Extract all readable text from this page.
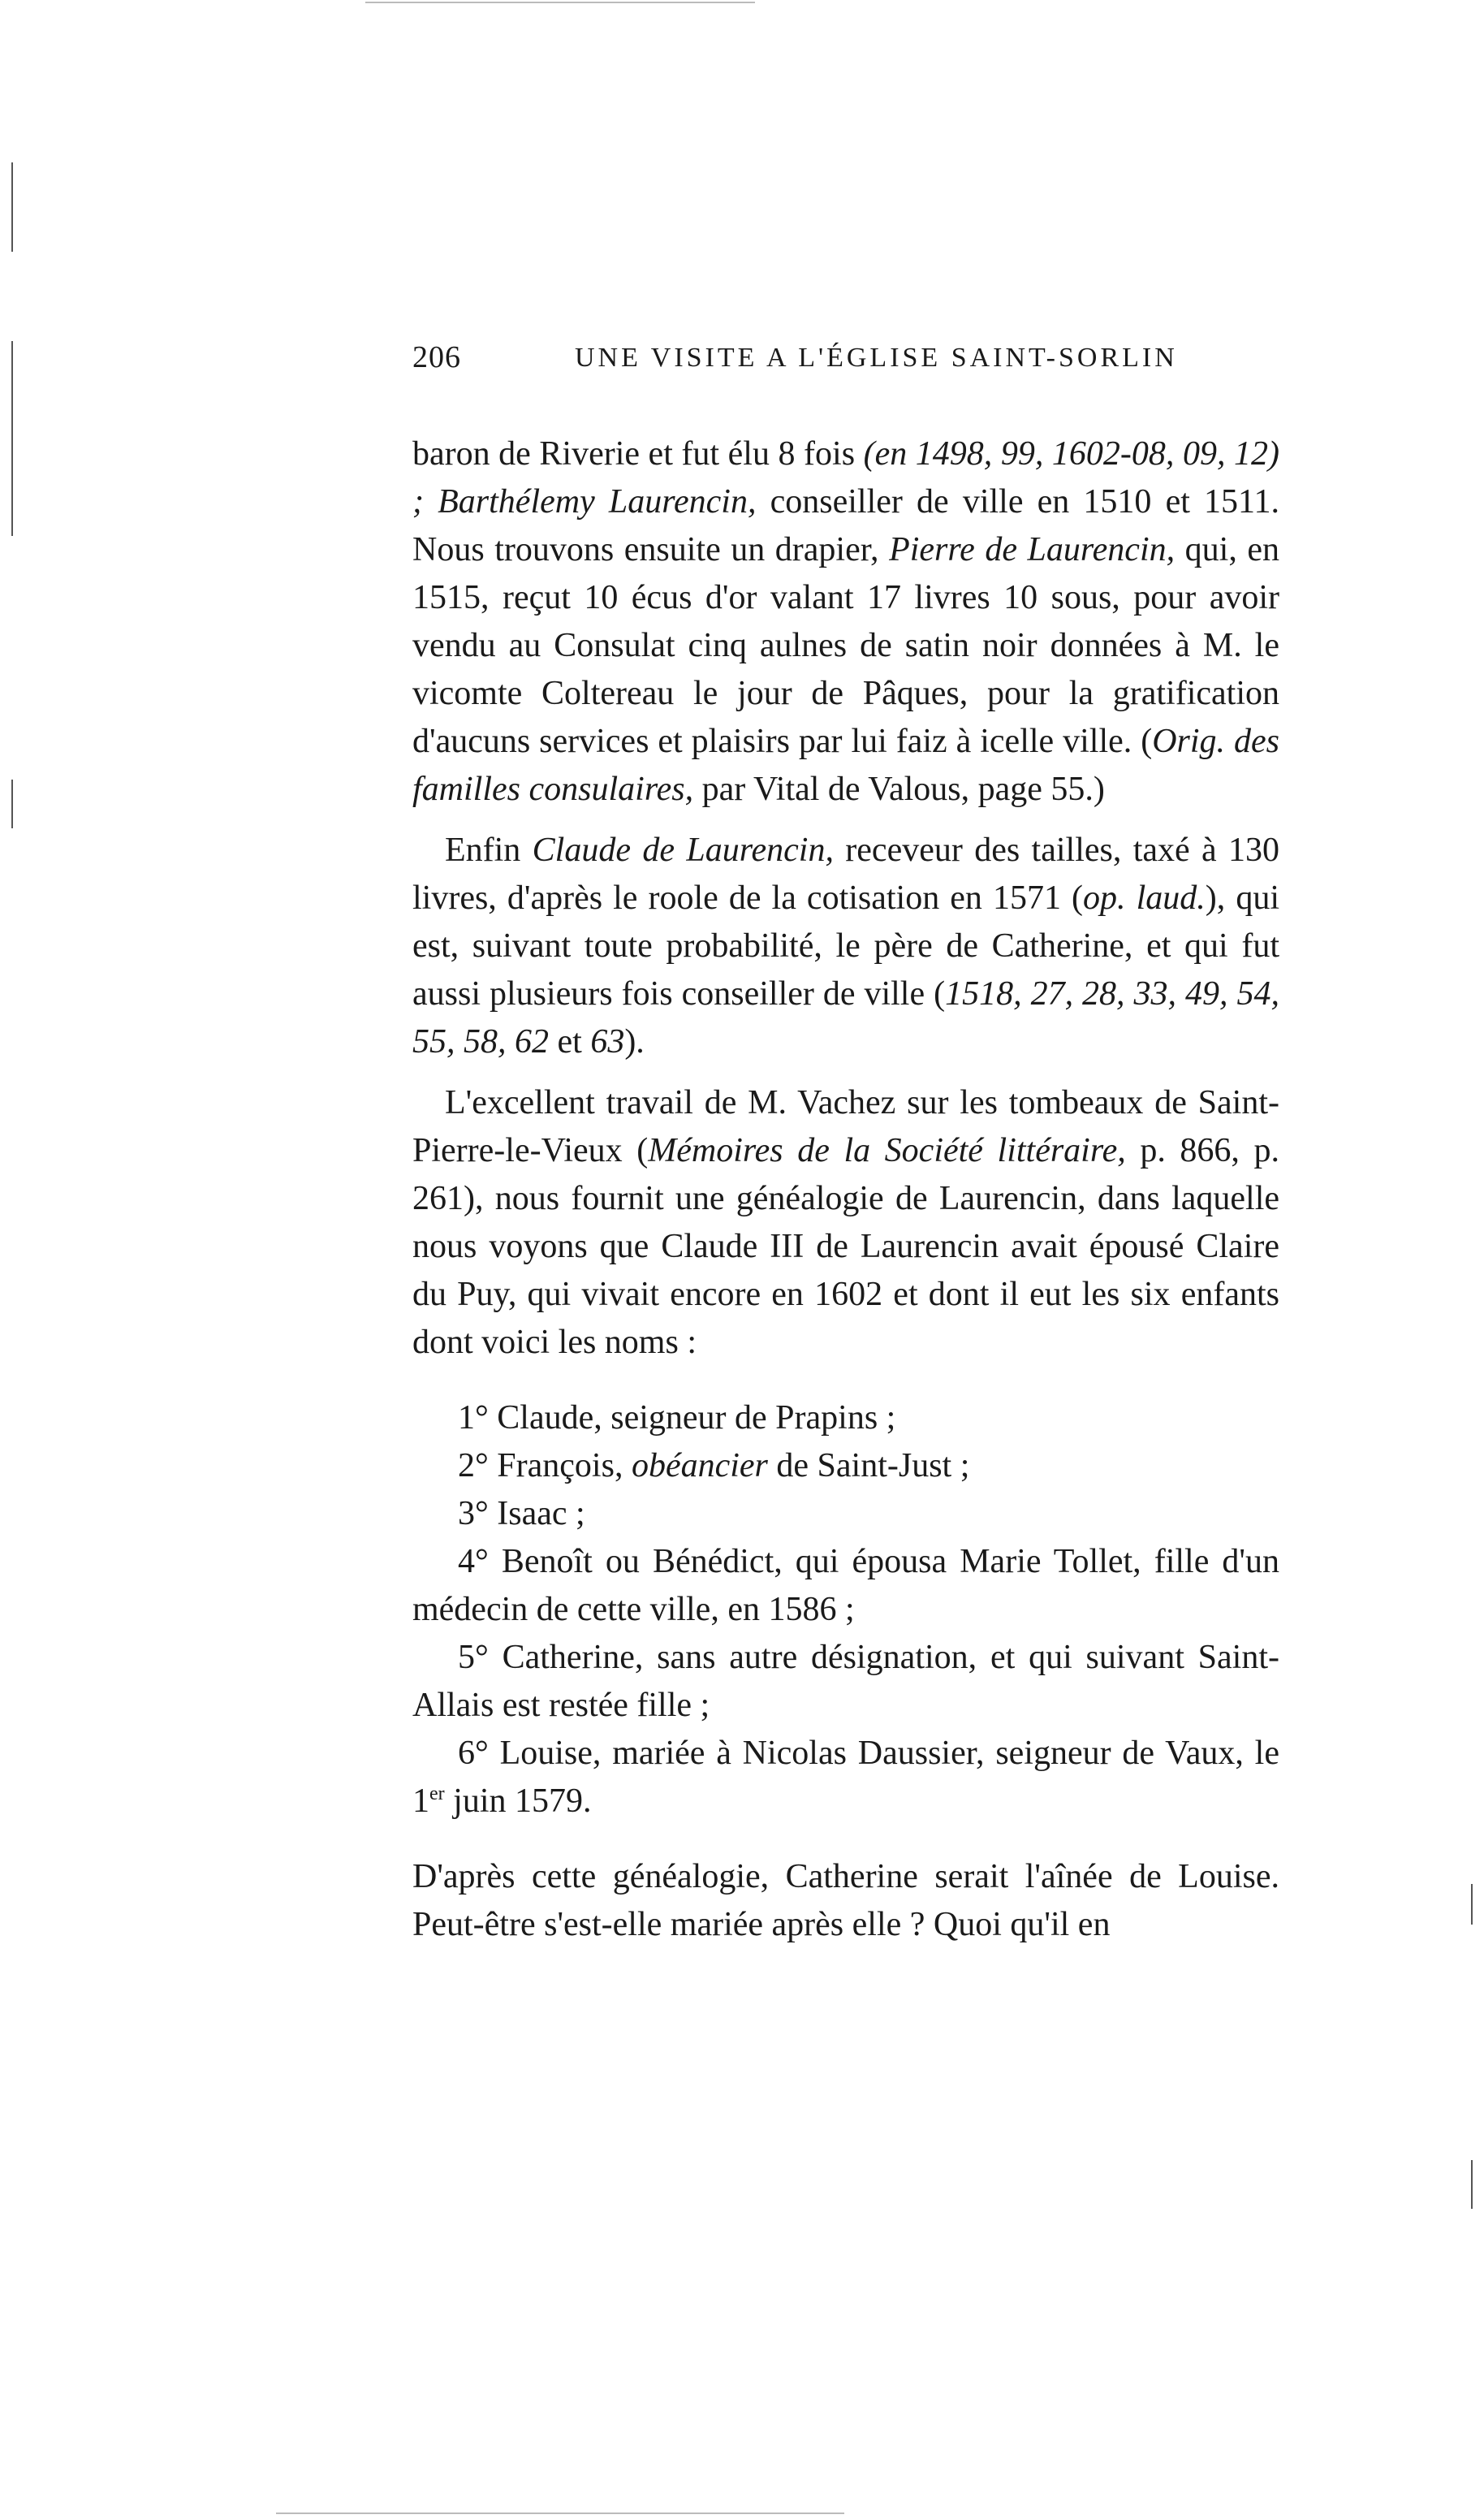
206	UNE VISITE A L'ÉGLISE SAINT-SORLIN

baron de Riverie et fut élu 8 fois (en 1498, 99, 1602-08, 09, 12) ; Barthélemy Laurencin, conseiller de ville en 1510 et 1511. Nous trouvons ensuite un drapier, Pierre de Laurencin, qui, en 1515, reçut 10 écus d'or valant 17 livres 10 sous, pour avoir vendu au Consulat cinq aulnes de satin noir données à M. le vicomte Coltereau le jour de Pâques, pour la gratification d'aucuns services et plaisirs par lui faiz à icelle ville. (Orig. des familles consulaires, par Vital de Valous, page 55.)

Enfin Claude de Laurencin, receveur des tailles, taxé à 130 livres, d'après le roole de la cotisation en 1571 (op. laud.), qui est, suivant toute probabilité, le père de Catherine, et qui fut aussi plusieurs fois conseiller de ville (1518, 27, 28, 33, 49, 54, 55, 58, 62 et 63).

L'excellent travail de M. Vachez sur les tombeaux de Saint-Pierre-le-Vieux (Mémoires de la Société littéraire, p. 866, p. 261), nous fournit une généalogie de Laurencin, dans laquelle nous voyons que Claude III de Laurencin avait épousé Claire du Puy, qui vivait encore en 1602 et dont il eut les six enfants dont voici les noms :

1° Claude, seigneur de Prapins ;

2° François, obéancier de Saint-Just ;

3° Isaac ;

4° Benoît ou Bénédict, qui épousa Marie Tollet, fille d'un médecin de cette ville, en 1586 ;

5° Catherine, sans autre désignation, et qui suivant Saint-Allais est restée fille ;

6° Louise, mariée à Nicolas Daussier, seigneur de Vaux, le 1er juin 1579.

D'après cette généalogie, Catherine serait l'aînée de Louise. Peut-être s'est-elle mariée après elle ? Quoi qu'il en
